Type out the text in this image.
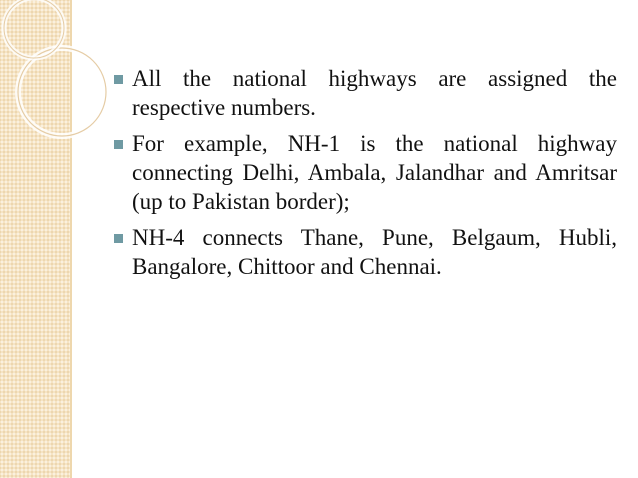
All the national highways are assigned the respective numbers.
For example, NH-1 is the national highway connecting Delhi, Ambala, Jalandhar and Amritsar (up to Pakistan border);
NH-4 connects Thane, Pune, Belgaum, Hubli, Bangalore, Chittoor and Chennai.
